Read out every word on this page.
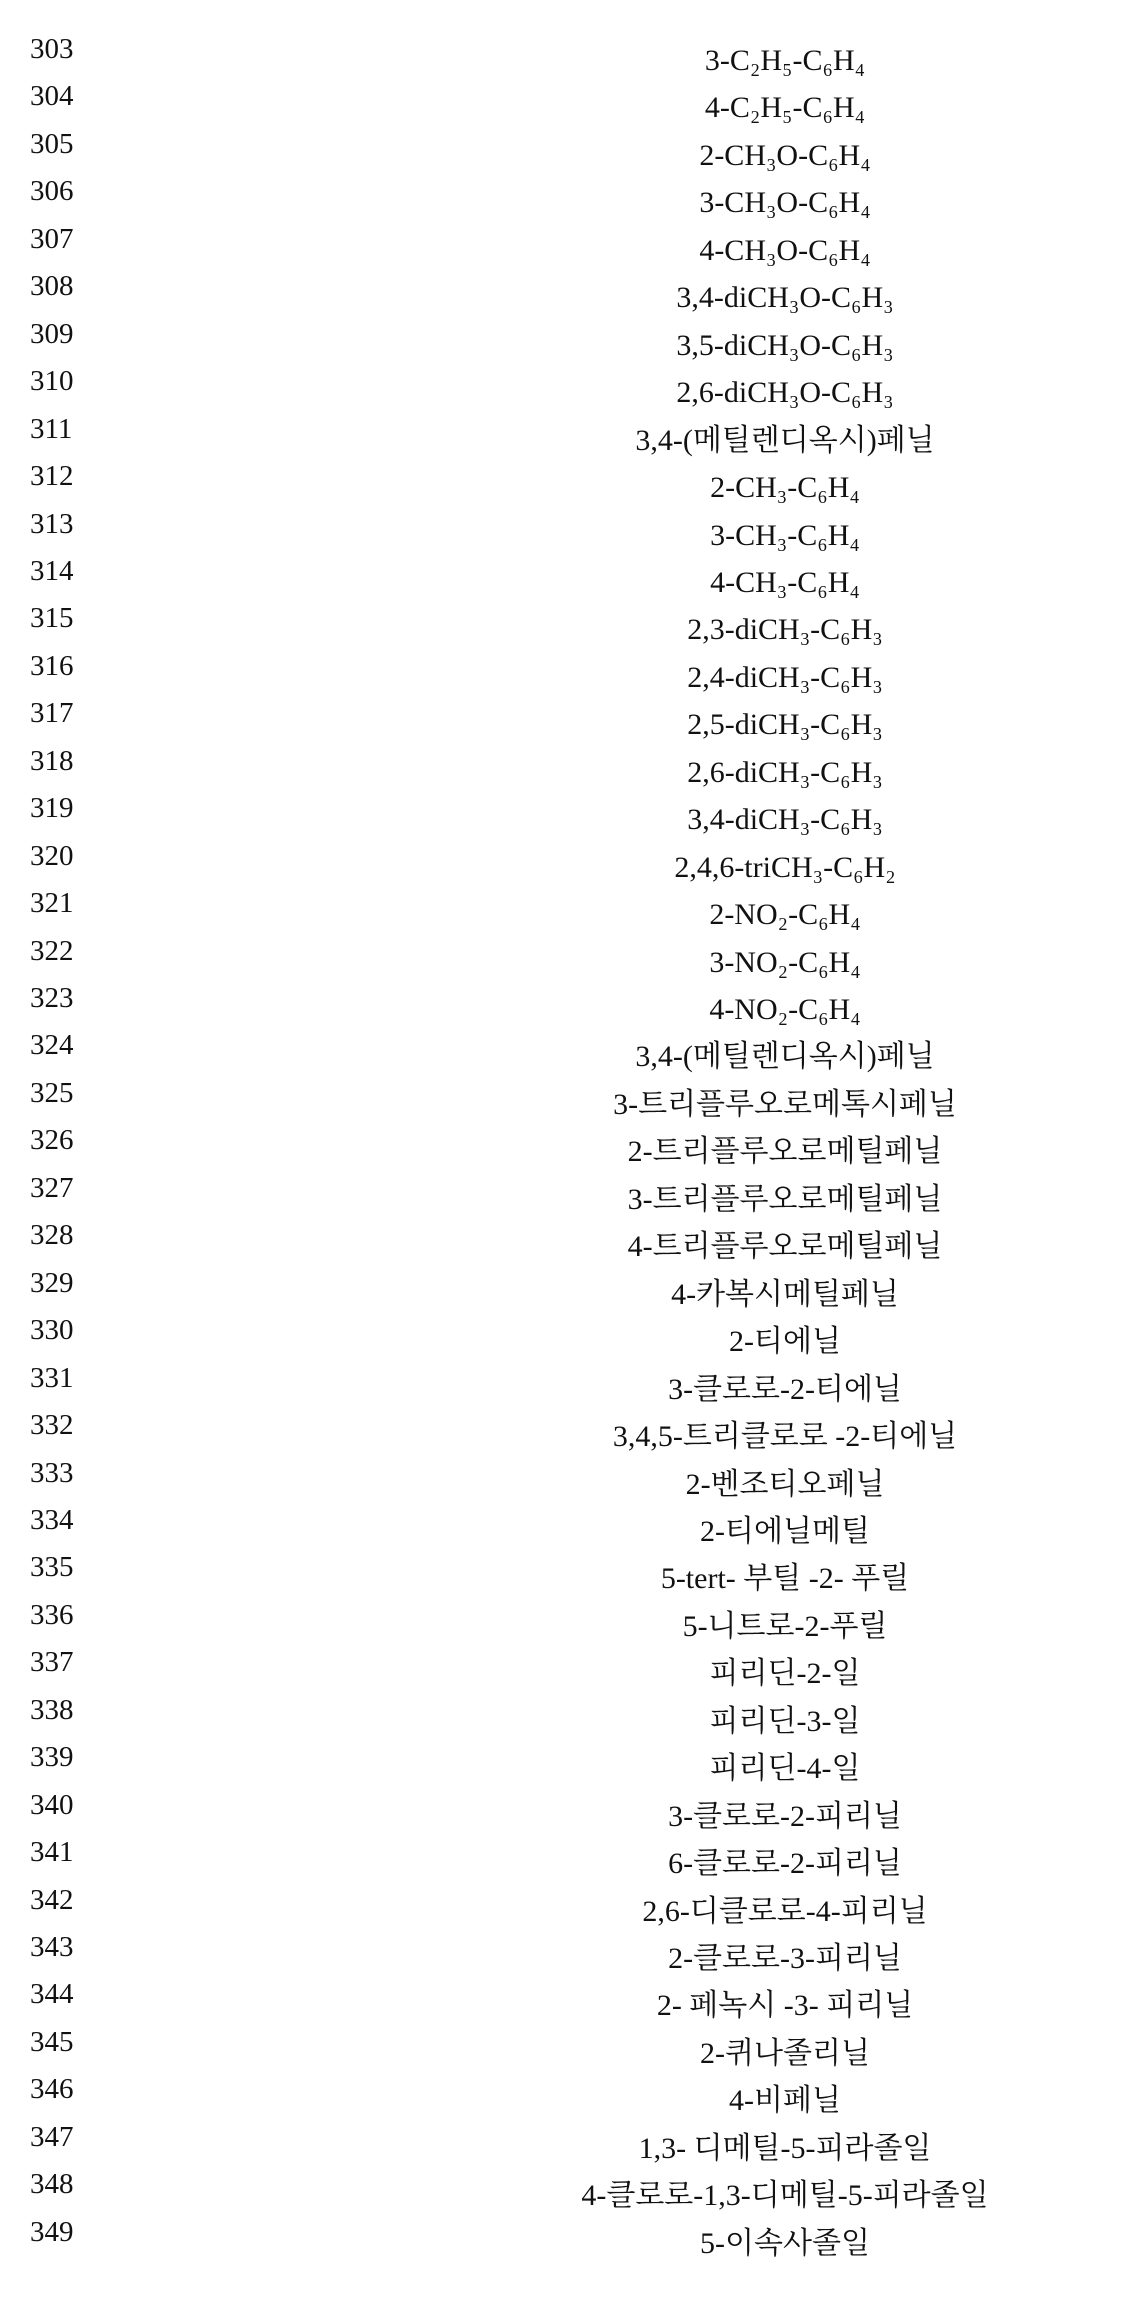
303	3-C₂H₅-C₆H₄
304	4-C₂H₅-C₆H₄
305	2-CH₃O-C₆H₄
306	3-CH₃O-C₆H₄
307	4-CH₃O-C₆H₄
308	3,4-diCH₃O-C₆H₃
309	3,5-diCH₃O-C₆H₃
310	2,6-diCH₃O-C₆H₃
311	3,4-(메틸렌디옥시)페닐
312	2-CH₃-C₆H₄
313	3-CH₃-C₆H₄
314	4-CH₃-C₆H₄
315	2,3-diCH₃-C₆H₃
316	2,4-diCH₃-C₆H₃
317	2,5-diCH₃-C₆H₃
318	2,6-diCH₃-C₆H₃
319	3,4-diCH₃-C₆H₃
320	2,4,6-triCH₃-C₆H₂
321	2-NO₂-C₆H₄
322	3-NO₂-C₆H₄
323	4-NO₂-C₆H₄
324	3,4-(메틸렌디옥시)페닐
325	3-트리플루오로메톡시페닐
326	2-트리플루오로메틸페닐
327	3-트리플루오로메틸페닐
328	4-트리플루오로메틸페닐
329	4-카복시메틸페닐
330	2-티에닐
331	3-클로로-2-티에닐
332	3,4,5-트리클로로 -2-티에닐
333	2-벤조티오페닐
334	2-티에닐메틸
335	5-tert- 부틸 -2- 푸릴
336	5-니트로-2-푸릴
337	피리딘-2-일
338	피리딘-3-일
339	피리딘-4-일
340	3-클로로-2-피리닐
341	6-클로로-2-피리닐
342	2,6-디클로로-4-피리닐
343	2-클로로-3-피리닐
344	2- 페녹시 -3- 피리닐
345	2-퀴나졸리닐
346	4-비페닐
347	1,3- 디메틸-5-피라졸일
348	4-클로로-1,3-디메틸-5-피라졸일
349	5-이속사졸일
